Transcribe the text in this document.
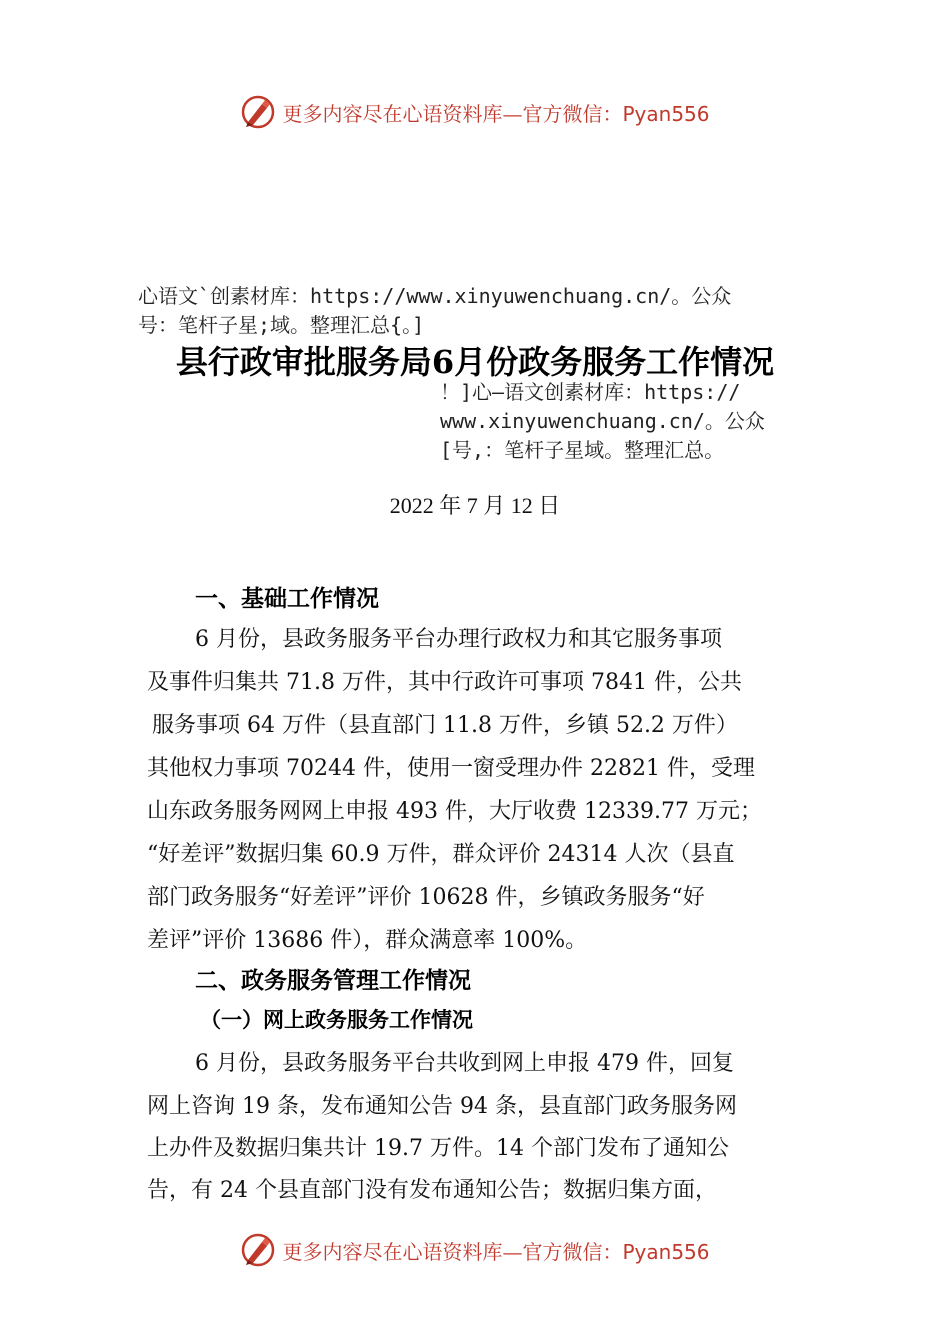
更多内容尽在心语资料库—官方微信：Pyan556
心语文`创素材库：https://www.xinyuwenchuang.cn/。公众
号：笔杆子星;域。整理汇总{。]
县行政审批服务局6月份政务服务工作情况
！]心—语文创素材库：https://
www.xinyuwenchuang.cn/。公众
[号,：笔杆子星域。整理汇总。
2022 年 7 月 12 日
一、基础工作情况
6 月份，县政务服务平台办理行政权力和其它服务事项
及事件归集共 71.8 万件，其中行政许可事项 7841 件，公共
服务事项 64 万件（县直部门 11.8 万件，乡镇 52.2 万件）
其他权力事项 70244 件，使用一窗受理办件 22821 件，受理
山东政务服务网网上申报 493 件，大厅收费 12339.77 万元；
“好差评”数据归集 60.9 万件，群众评价 24314 人次（县直
部门政务服务“好差评”评价 10628 件，乡镇政务服务“好
差评”评价 13686 件），群众满意率 100%。
二、政务服务管理工作情况
（一）网上政务服务工作情况
6 月份，县政务服务平台共收到网上申报 479 件，回复
网上咨询 19 条，发布通知公告 94 条，县直部门政务服务网
上办件及数据归集共计 19.7 万件。14 个部门发布了通知公
告，有 24 个县直部门没有发布通知公告；数据归集方面，
更多内容尽在心语资料库—官方微信：Pyan556
